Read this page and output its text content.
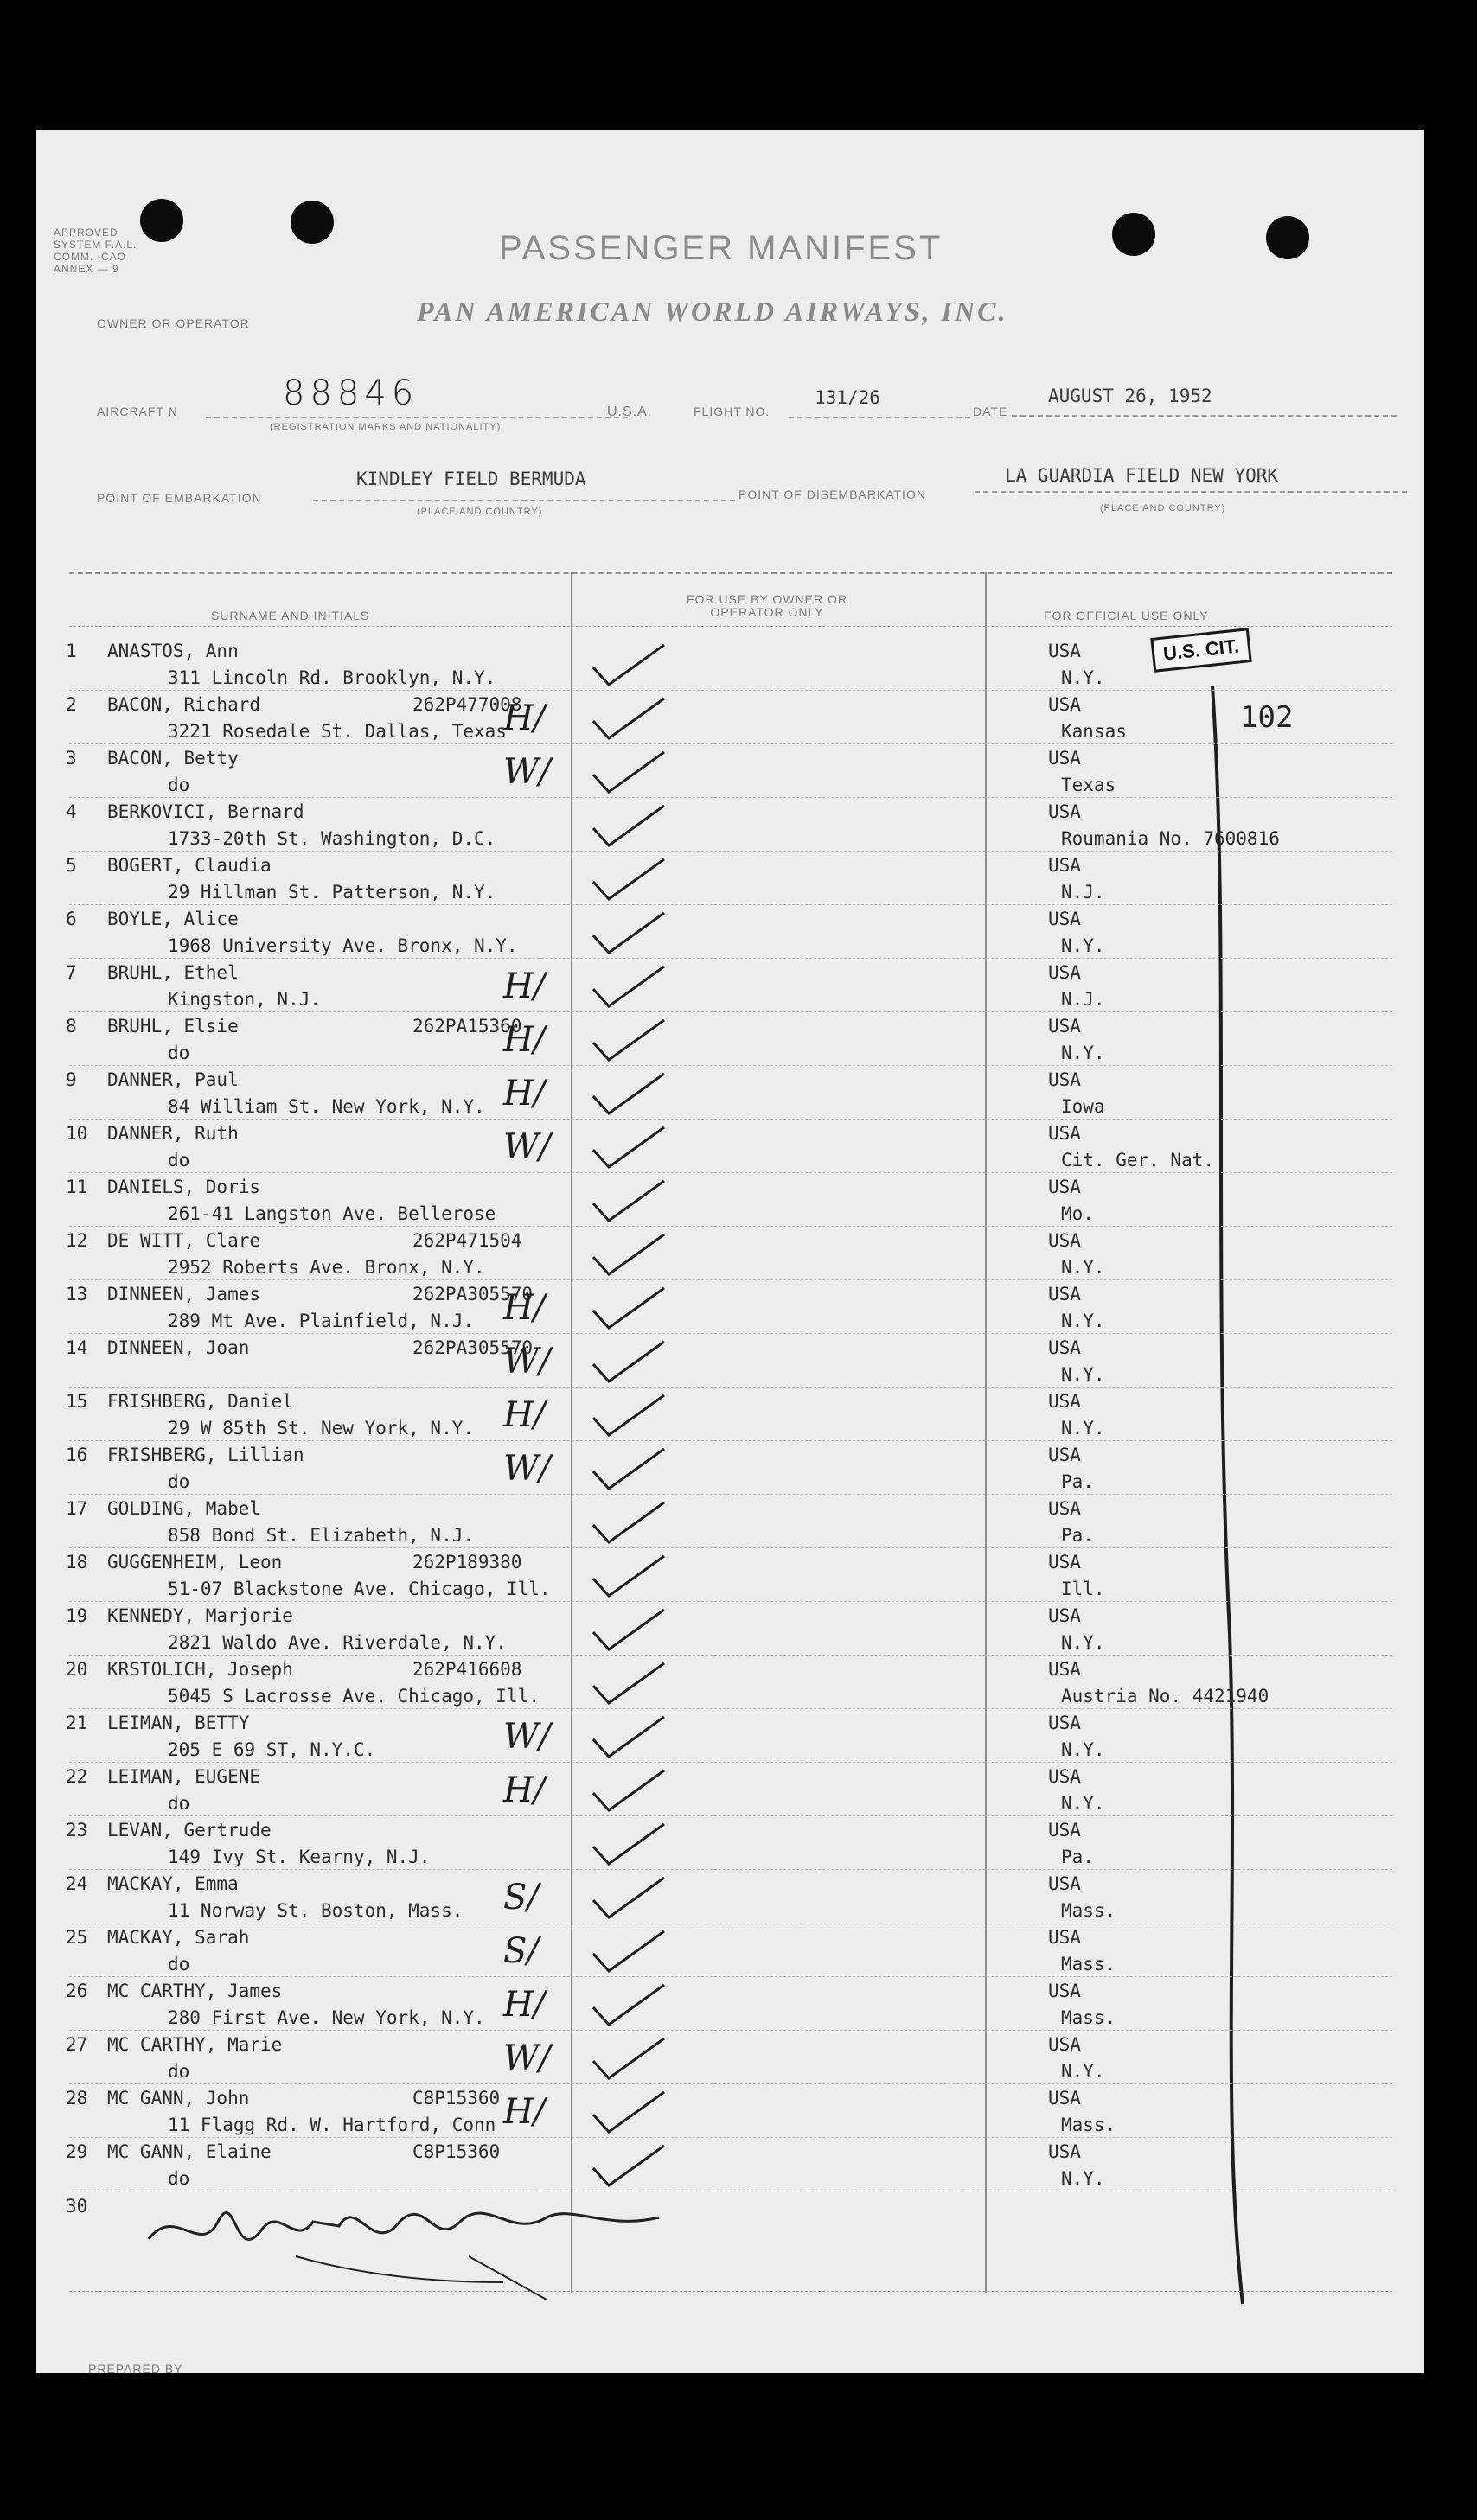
APPROVED SYSTEM F.A.L. COMM. ICAO ANNEX — 9
PASSENGER MANIFEST
OWNER OR OPERATOR	PAN AMERICAN WORLD AIRWAYS, INC.
AIRCRAFT N	88846
(REGISTRATION MARKS AND NATIONALITY)
U.S.A.	FLIGHT NO.
131/26
DATE
AUGUST 26, 1952
POINT OF EMBARKATION
KINDLEY FIELD BERMUDA
(PLACE AND COUNTRY)
POINT OF DISEMBARKATION
LA GUARDIA FIELD NEW YORK
(PLACE AND COUNTRY)
SURNAME AND INITIALS
FOR USE BY OWNER OR OPERATOR ONLY	FOR OFFICIAL USE ONLY
U.S. CIT.
102
1 ANASTOS, Ann	USA
311 Lincoln Rd. Brooklyn, N.Y.	N.Y.
2 BACON, Richard	262P477008	USA
3221 Rosedale St. Dallas, Texas	Kansas
H/
3 BACON, Betty	USA
do	Texas
W/
4 BERKOVICI, Bernard	USA
1733-20th St. Washington, D.C.	Roumania No. 7600816
5 BOGERT, Claudia	USA
29 Hillman St. Patterson, N.Y.	N.J.
6 BOYLE, Alice	USA
1968 University Ave. Bronx, N.Y.	N.Y.
7 BRUHL, Ethel	USA
Kingston, N.J.	N.J.
H/
8 BRUHL, Elsie	262PA15360	USA
do	N.Y.
H/
9 DANNER, Paul	USA
84 William St. New York, N.Y.	Iowa
H/
10 DANNER, Ruth	USA
do	Cit. Ger. Nat.
W/
11 DANIELS, Doris	USA
261-41 Langston Ave. Bellerose	Mo.
12 DE WITT, Clare	262P471504	USA
2952 Roberts Ave. Bronx, N.Y.	N.Y.
13 DINNEEN, James	262PA305570	USA
289 Mt Ave. Plainfield, N.J.	N.Y.
H/
14 DINNEEN, Joan	262PA305570	USA
N.Y.
W/
15 FRISHBERG, Daniel	USA
29 W 85th St. New York, N.Y.	N.Y.
H/
16 FRISHBERG, Lillian	USA
do	Pa.
W/
17 GOLDING, Mabel	USA
858 Bond St. Elizabeth, N.J.	Pa.
18 GUGGENHEIM, Leon	262P189380	USA
51-07 Blackstone Ave. Chicago, Ill.	Ill.
19 KENNEDY, Marjorie	USA
2821 Waldo Ave. Riverdale, N.Y.	N.Y.
20 KRSTOLICH, Joseph	262P416608	USA
5045 S Lacrosse Ave. Chicago, Ill.	Austria No. 4421940
21 LEIMAN, BETTY	USA
205 E 69 ST, N.Y.C.	N.Y.
W/
22 LEIMAN, EUGENE	USA
do	N.Y.
H/
23 LEVAN, Gertrude	USA
149 Ivy St. Kearny, N.J.	Pa.
24 MACKAY, Emma	USA
11 Norway St. Boston, Mass.	Mass.
S/
25 MACKAY, Sarah	USA
do	Mass.
S/
26 MC CARTHY, James	USA
280 First Ave. New York, N.Y.	Mass.
H/
27 MC CARTHY, Marie	USA
do	N.Y.
W/
28 MC GANN, John	C8P15360	USA
11 Flagg Rd. W. Hartford, Conn	Mass.
H/
29 MC GANN, Elaine	C8P15360	USA
do	N.Y.
30
PREPARED BY
